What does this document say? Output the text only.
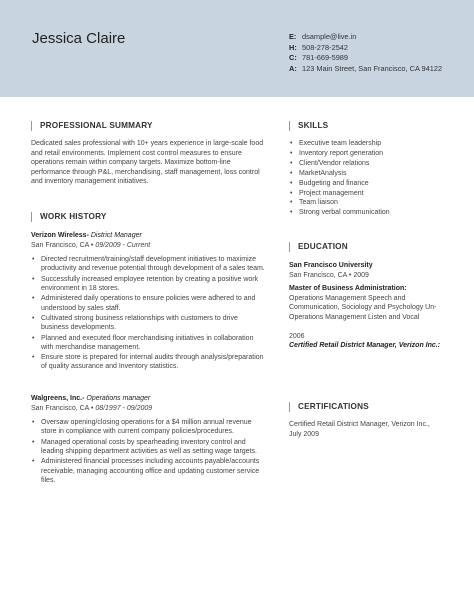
Jessica Claire	E: dsample@live.in
H: 508-278-2542
C: 781-669-5989
A: 123 Main Street, San Francisco, CA 94122
PROFESSIONAL SUMMARY
Dedicated sales professional with 10+ years experience in large-scale food and retail environments. Implement cost control measures to ensure operations remain within company targets. Maximize bottom-line performance through P&L, merchandising, staff management, loss control and inventory management initiatives.
WORK HISTORY
Verizon Wireless- District Manager
San Francisco, CA • 09/2009 - Current
• Directed recruitment/training/staff development initiatives to maximize productivity and revenue potential through development of a sales team.
• Successfully increased employee retention by creating a positive work environment in 18 stores.
• Administered daily operations to ensure policies were adhered to and understood by sales staff.
• Cultivated strong business relationships with customers to drive business developments.
• Planned and executed floor merchandising initiatives in collaboration with merchandise management.
• Ensure store is prepared for internal audits through analysis/preparation of quality assurance and Inventory statistics.
Walgreens, Inc.- Operations manager
San Francisco, CA • 08/1997 - 09/2009
• Oversaw opening/closing operations for a $4 million annual revenue store in compliance with current company policies/procedures.
• Managed operational costs by spearheading inventory control and leading shipping department activities as well as setting wage targets.
• Administered financial processes including accounts payable/accounts receivable, managing accounting office and updating customer service files.
SKILLS
• Executive team leadership
• Inventory report generation
• Client/Vendor relations
• MarketAnalysis
• Budgeting and finance
• Project management
• Team liaison
• Strong verbal communication
EDUCATION
San Francisco University
San Francisco, CA • 2009
Master of Business Administration:
Operations Management Speech and Communication, Sociology and Psychology Un-Operations Management Listen and Vocal
2006
Certified Retail District Manager, Verizon Inc.:
CERTIFICATIONS
Certified Retail District Manager, Verizon Inc., July 2009
